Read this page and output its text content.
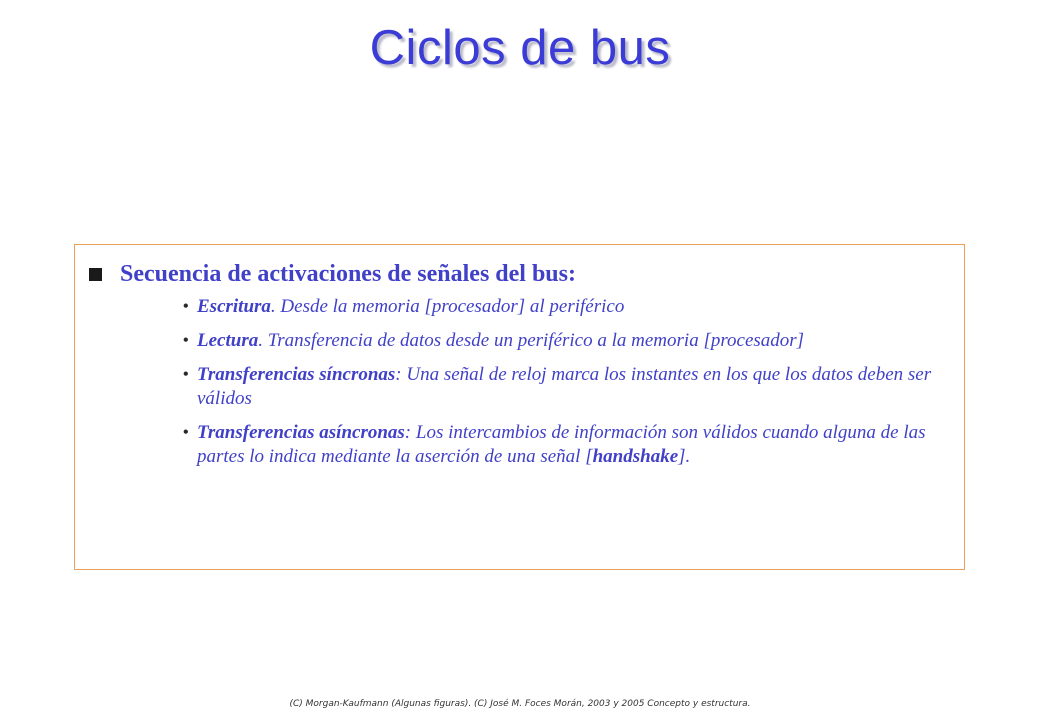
Ciclos de bus
Secuencia de activaciones de señales del bus:
• Escritura. Desde la memoria [procesador] al periférico
• Lectura. Transferencia de datos desde un periférico a la memoria [procesador]
• Transferencias síncronas: Una señal de reloj marca los instantes en los que los datos deben ser válidos
• Transferencias asíncronas: Los intercambios de información son válidos cuando alguna de las partes lo indica mediante la aserción de una señal [handshake].
(C) Morgan-Kaufmann (Algunas figuras). (C) José M. Foces Morán, 2003 y 2005 Concepto y estructura.
